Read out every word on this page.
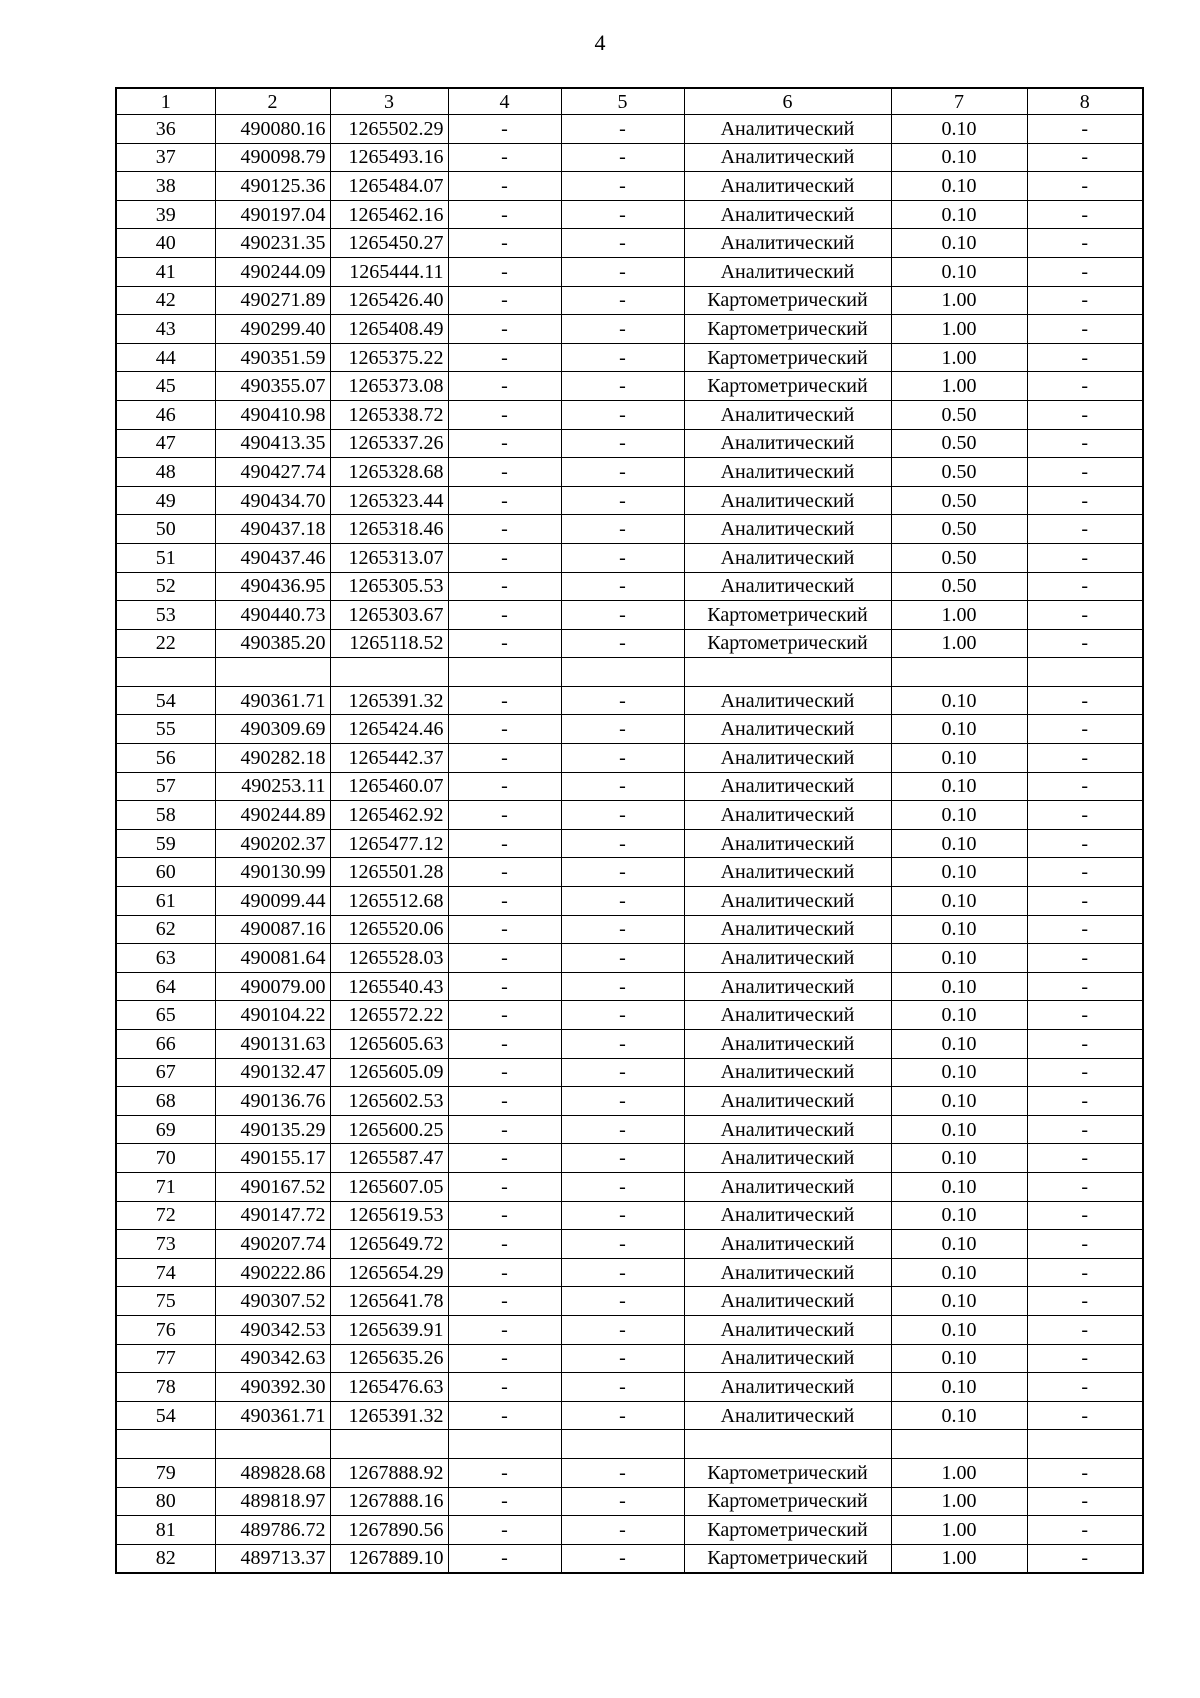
4
1	2	3	4	5	6	7	8
36	490080.16	1265502.29	-	-	Аналитический	0.10	-
37	490098.79	1265493.16	-	-	Аналитический	0.10	-
38	490125.36	1265484.07	-	-	Аналитический	0.10	-
39	490197.04	1265462.16	-	-	Аналитический	0.10	-
40	490231.35	1265450.27	-	-	Аналитический	0.10	-
41	490244.09	1265444.11	-	-	Аналитический	0.10	-
42	490271.89	1265426.40	-	-	Картометрический	1.00	-
43	490299.40	1265408.49	-	-	Картометрический	1.00	-
44	490351.59	1265375.22	-	-	Картометрический	1.00	-
45	490355.07	1265373.08	-	-	Картометрический	1.00	-
46	490410.98	1265338.72	-	-	Аналитический	0.50	-
47	490413.35	1265337.26	-	-	Аналитический	0.50	-
48	490427.74	1265328.68	-	-	Аналитический	0.50	-
49	490434.70	1265323.44	-	-	Аналитический	0.50	-
50	490437.18	1265318.46	-	-	Аналитический	0.50	-
51	490437.46	1265313.07	-	-	Аналитический	0.50	-
52	490436.95	1265305.53	-	-	Аналитический	0.50	-
53	490440.73	1265303.67	-	-	Картометрический	1.00	-
22	490385.20	1265118.52	-	-	Картометрический	1.00	-

54	490361.71	1265391.32	-	-	Аналитический	0.10	-
55	490309.69	1265424.46	-	-	Аналитический	0.10	-
56	490282.18	1265442.37	-	-	Аналитический	0.10	-
57	490253.11	1265460.07	-	-	Аналитический	0.10	-
58	490244.89	1265462.92	-	-	Аналитический	0.10	-
59	490202.37	1265477.12	-	-	Аналитический	0.10	-
60	490130.99	1265501.28	-	-	Аналитический	0.10	-
61	490099.44	1265512.68	-	-	Аналитический	0.10	-
62	490087.16	1265520.06	-	-	Аналитический	0.10	-
63	490081.64	1265528.03	-	-	Аналитический	0.10	-
64	490079.00	1265540.43	-	-	Аналитический	0.10	-
65	490104.22	1265572.22	-	-	Аналитический	0.10	-
66	490131.63	1265605.63	-	-	Аналитический	0.10	-
67	490132.47	1265605.09	-	-	Аналитический	0.10	-
68	490136.76	1265602.53	-	-	Аналитический	0.10	-
69	490135.29	1265600.25	-	-	Аналитический	0.10	-
70	490155.17	1265587.47	-	-	Аналитический	0.10	-
71	490167.52	1265607.05	-	-	Аналитический	0.10	-
72	490147.72	1265619.53	-	-	Аналитический	0.10	-
73	490207.74	1265649.72	-	-	Аналитический	0.10	-
74	490222.86	1265654.29	-	-	Аналитический	0.10	-
75	490307.52	1265641.78	-	-	Аналитический	0.10	-
76	490342.53	1265639.91	-	-	Аналитический	0.10	-
77	490342.63	1265635.26	-	-	Аналитический	0.10	-
78	490392.30	1265476.63	-	-	Аналитический	0.10	-
54	490361.71	1265391.32	-	-	Аналитический	0.10	-

79	489828.68	1267888.92	-	-	Картометрический	1.00	-
80	489818.97	1267888.16	-	-	Картометрический	1.00	-
81	489786.72	1267890.56	-	-	Картометрический	1.00	-
82	489713.37	1267889.10	-	-	Картометрический	1.00	-
